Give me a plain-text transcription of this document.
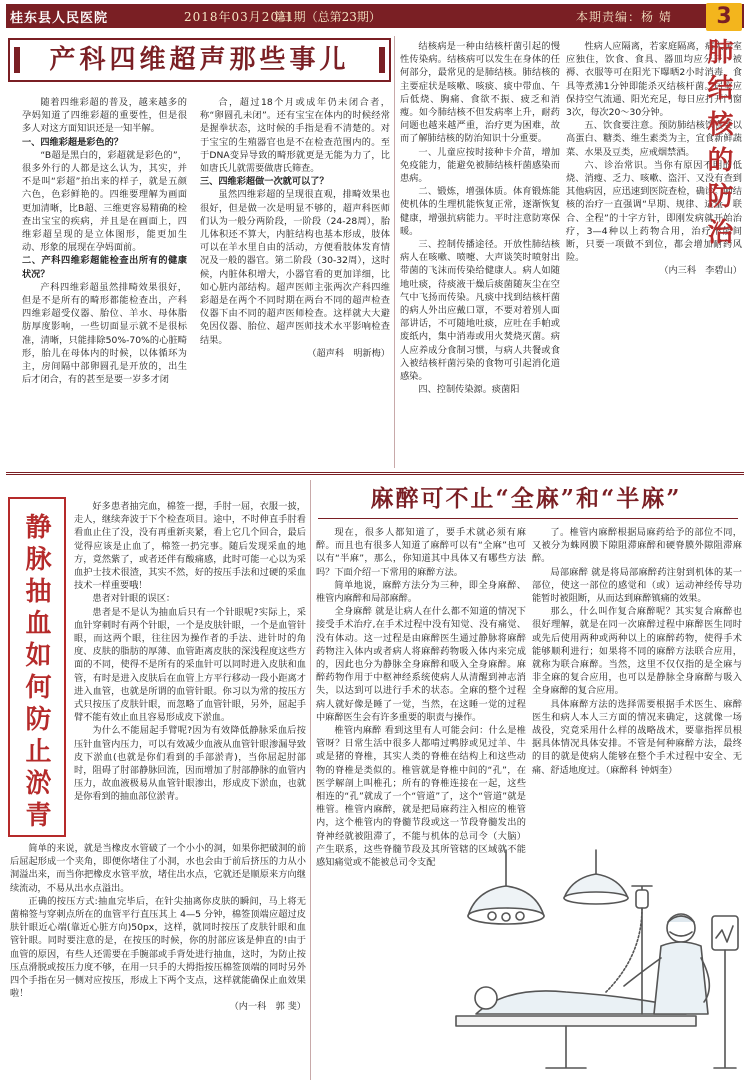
桂东县人民医院	2018年03月20日
第1期（总第23期）	本期责编：杨 婧	3
产科四维超声那些事儿

随着四维彩超的普及，越来越多的孕妈知道了四维彩超的重要性，但是很多人对这方面知识还是一知半解。

一、四维彩超是彩色的？

“B超是黑白的，彩超就是彩色的”，很多外行的人都是这么认为，其实，并不是叫“彩超”拍出来的样子，就是五颜六色，色彩鲜艳的。四维要理解为画面更加清晰，比B超、三维更容易精确的检查出宝宝的疾病，并且是在画面上，四维彩超呈现的是立体图形，能更加生动、形象的展现在孕妈面前。

二、产科四维彩超能检查出所有的健康状况？

产科四维彩超虽然排畸效果很好，但是不是所有的畸形都能检查出，产科四维彩超受仪器、胎位、羊水、母体脂肪厚度影响，一些切面显示就不是很标准，清晰，只能排除50%-70%的心脏畸形，胎儿在母体内的时候，以体循环为主，房间隔中部卵圆孔是开放的，出生后才闭合，有的甚至是要一岁多才闭

合，超过18个月或成年仍未闭合者，称“卵圆孔未闭”。还有宝宝在体内的时候经常是握拳状态，这时候的手指是看不清楚的。对于宝宝的生殖器官也是不在检查范围内的。至于DNA变异导致的畸形就更是无能为力了，比如唐氏儿就需要做唐氏筛查。

三、四维彩超做一次就可以了？

虽然四维彩超的呈现很直观，排畸效果也很好，但是做一次是明显不够的，超声科医师们认为一般分两阶段，一阶段（24-28周），胎儿体积还不算大，内脏结构也基本形成，肢体可以在羊水里自由的活动，方便看肢体发育情况及一般的器官。第二阶段（30-32周），这时候，内脏体积增大，小器官看的更加详细，比如心脏内部结构。超声医师主张两次产科四维彩超是在两个不同时期在两台不同的超声检查仪器下由不同的超声医师检查。这样就大大避免因仪器、胎位、超声医师技术水平影响检查结果。

（超声科　明新梅）

结核病是一种由结核杆菌引起的慢性传染病。结核病可以发生在身体的任何部分，最常见的是肺结核。肺结核的主要症状是咳嗽、咳痰、痰中带血、午后低烧、胸痛、食欲不振、疲乏和消瘦。如今肺结核不但发病率上升，耐药问题也越来越严重，治疗更为困难，故而了解肺结核的防治知识十分重要。

一、儿童应按时接种卡介苗，增加免疫能力，能避免被肺结核杆菌感染而患病。

二、锻炼，增强体质。体育锻炼能使机体的生理机能恢复正常，逐渐恢复健康，增强抗病能力。平时注意防寒保暖。

三、控制传播途径。开放性肺结核病人在咳嗽、喷嚏、大声谈笑时喷射出带菌的飞沫而传染给健康人。病人如随地吐痰，待痰液干燥后痰菌随灰尘在空气中飞扬而传染。凡痰中找到结核杆菌的病人外出应戴口罩，不要对着别人面部讲话，不可随地吐痰，应吐在手帕或废纸内，集中消毒或用火焚烧灭菌。病人应养成分食制习惯，与病人共餐或食入被结核杆菌污染的食物可引起消化道感染。

四、控制传染源。痰菌阳

性病人应隔离，若家庭隔离，病人居室应独住，饮食、食具、器皿均应分开。被褥、衣服等可在阳光下曝晒2小时消毒，食具等煮沸1分钟即能杀灭结核杆菌。居室应保持空气流通、阳光充足，每日应打开门窗3次，每次20～30分钟。

五、饮食要注意。预防肺结核饮食要以高蛋白、糖类、维生素类为主，宜食新鲜蔬菜、水果及豆类，应戒烟禁酒。

六、诊治常识。当你有原因不明的低烧、消瘦、乏力、咳嗽、盗汗、又没有查到其他病因，应迅速到医院查检，确诊。肺结核的治疗一直强调“早期、规律、适量、联合、全程”的十字方针，即刚发病就开始治疗，3—4种以上药物合用，治疗不能间断，只要一项做不到位，都会增加耐药风险。

（内三科　李碧山）

肺结核的防治
静脉抽血如何防止淤青

好多患者抽完血，棉签一摁，手肘一屈，衣服一披，走人，继续奔波于下个检查项目。途中，不时伸直手肘看看血止住了没，没有再重新夹紧，看上它几个回合，最后觉得应该是止血了，棉签一扔完事。随后发现采血的地方，竟然紫了，或者还伴有酸痛感，此时可能一心以为采血护士技术很渣，其实不然，好的按压手法和过硬的采血技术一样重要哦！

患者对针眼的误区：

患者是不是认为抽血后只有一个针眼呢?实际上，采血针穿刺时有两个针眼，一个是皮肤针眼，一个是血管针眼，而这两个眼，往往因为操作者的手法、进针时的角度、皮肤的脂肪的厚薄、血管距离皮肤的深浅程度这些方面的不同，使得不是所有的采血针可以同时进入皮肤和血管，有时是进入皮肤后在血管上方平行移动一段小距离才进入血管，也就是所谓的血管针眼。你习以为常的按压方式只按压了皮肤针眼，而忽略了血管针眼，另外，屈起手臂不能有效止血且容易形成皮下淤血。

为什么不能屈起手臂呢?因为有效降低静脉采血后按压针血管内压力，可以有效减少血液从血管针眼渗漏导致皮下淤血(也就是你们看到的手部淤青)，当你屈起肘部时，阻碍了肘部静脉回流，因而增加了肘部静脉的血管内压力，故血液极易从血管针眼渗出，形成皮下淤血，也就是你看到的抽血部位淤青。

简单的来说，就是当橡皮水管破了一个小小的洞，如果你把破洞的前后屈起形成一个夹角，即便你堵住了小洞，水也会由于前后挤压的力从小洞溢出来，而当你把橡皮水管平放，堵住出水点，它就还是顺原来方向继续流动，不易从出水点溢出。

正确的按压方式:抽血完毕后，在针尖抽离你皮肤的瞬间，马上将无菌棉签与穿刺点所在的血管平行直压其上 4—5 分钟，棉签顶端应超过皮肤针眼近心端(靠近心脏方向)50px，这样，就同时按压了皮肤针眼和血管针眼。同时要注意的是，在按压的时候，你的肘部应该是伸直的!由于血管的原因，有些人还需要在手腕部或手背处进行抽血，这时，为防止按压点滑脱或按压力度不够，在用一只手的大拇指按压棉签顶端的同时另外四个手指在另一侧对应按压，形成上下两个支点，这样就能确保止血效果啦！

（内一科　郭 斐）

麻醉可不止“全麻”和“半麻”

现在，很多人都知道了，要手术就必须有麻醉。而且也有很多人知道了麻醉可以有“全麻”也可以有“半麻”，那么，你知道其中具体又有哪些方法吗？下面介绍一下常用的麻醉方法。

简单地说，麻醉方法分为三种，即全身麻醉、椎管内麻醉和局部麻醉。

全身麻醉 就是让病人在什么都不知道的情况下接受手术治疗,在手术过程中没有知觉、没有痛觉、没有体动。这一过程是由麻醉医生通过静脉将麻醉药物注入体内或者病人将麻醉药物吸入体内来完成的，因此也分为静脉全身麻醉和吸入全身麻醉。麻醉药物作用于中枢神经系统使病人从清醒到神志消失，以达到可以进行手术的状态。全麻的整个过程病人就好像是睡了一觉，当然，在这睡一觉的过程中麻醉医生会有许多重要的职责与操作。

椎管内麻醉 看到这里有人可能会问：什么是椎管呀？日常生活中很多人都啃过鸭脖或见过羊、牛或是猪的脊椎，其实人类的脊椎在结构上和这些动物的脊椎是类似的。椎管就是脊椎中间的“孔”，在医学解剖上叫椎孔；所有的脊椎连接在一起，这些相连的“孔”就成了一个“管道”了，这个“管道”就是椎管。椎管内麻醉，就是把局麻药注入相应的椎管内，这个椎管内的脊髓节段或这一节段脊髓发出的脊神经就被阻滞了，不能与机体的总司令（大脑）产生联系，这些脊髓节段及其所管辖的区域就不能感知痛觉或不能被总司令支配

了。椎管内麻醉根据局麻药给予的部位不同，又被分为蛛网膜下隙阻滞麻醉和硬脊膜外隙阻滞麻醉。

局部麻醉 就是将局部麻醉药注射到机体的某一部位，使这一部位的感觉和（或）运动神经传导功能暂时被阻断，从而达到麻醉镇痛的效果。

那么，什么叫作复合麻醉呢？其实复合麻醉也很好理解，就是在同一次麻醉过程中麻醉医生同时或先后使用两种或两种以上的麻醉药物，使得手术能够顺利进行；如果将不同的麻醉方法联合应用，就称为联合麻醉。当然，这里不仅仅指的是全麻与非全麻的复合应用，也可以是静脉全身麻醉与吸入全身麻醉的复合应用。

具体麻醉方法的选择需要根据手术医生、麻醉医生和病人本人三方面的情况来确定，这就像一场战役，究竟采用什么样的战略战术，要靠指挥员根据具体情况具体安排。不管是何种麻醉方法，最终的目的就是使病人能够在整个手术过程中安全、无痛、舒适地度过。（麻醉科 钟炳奎）
